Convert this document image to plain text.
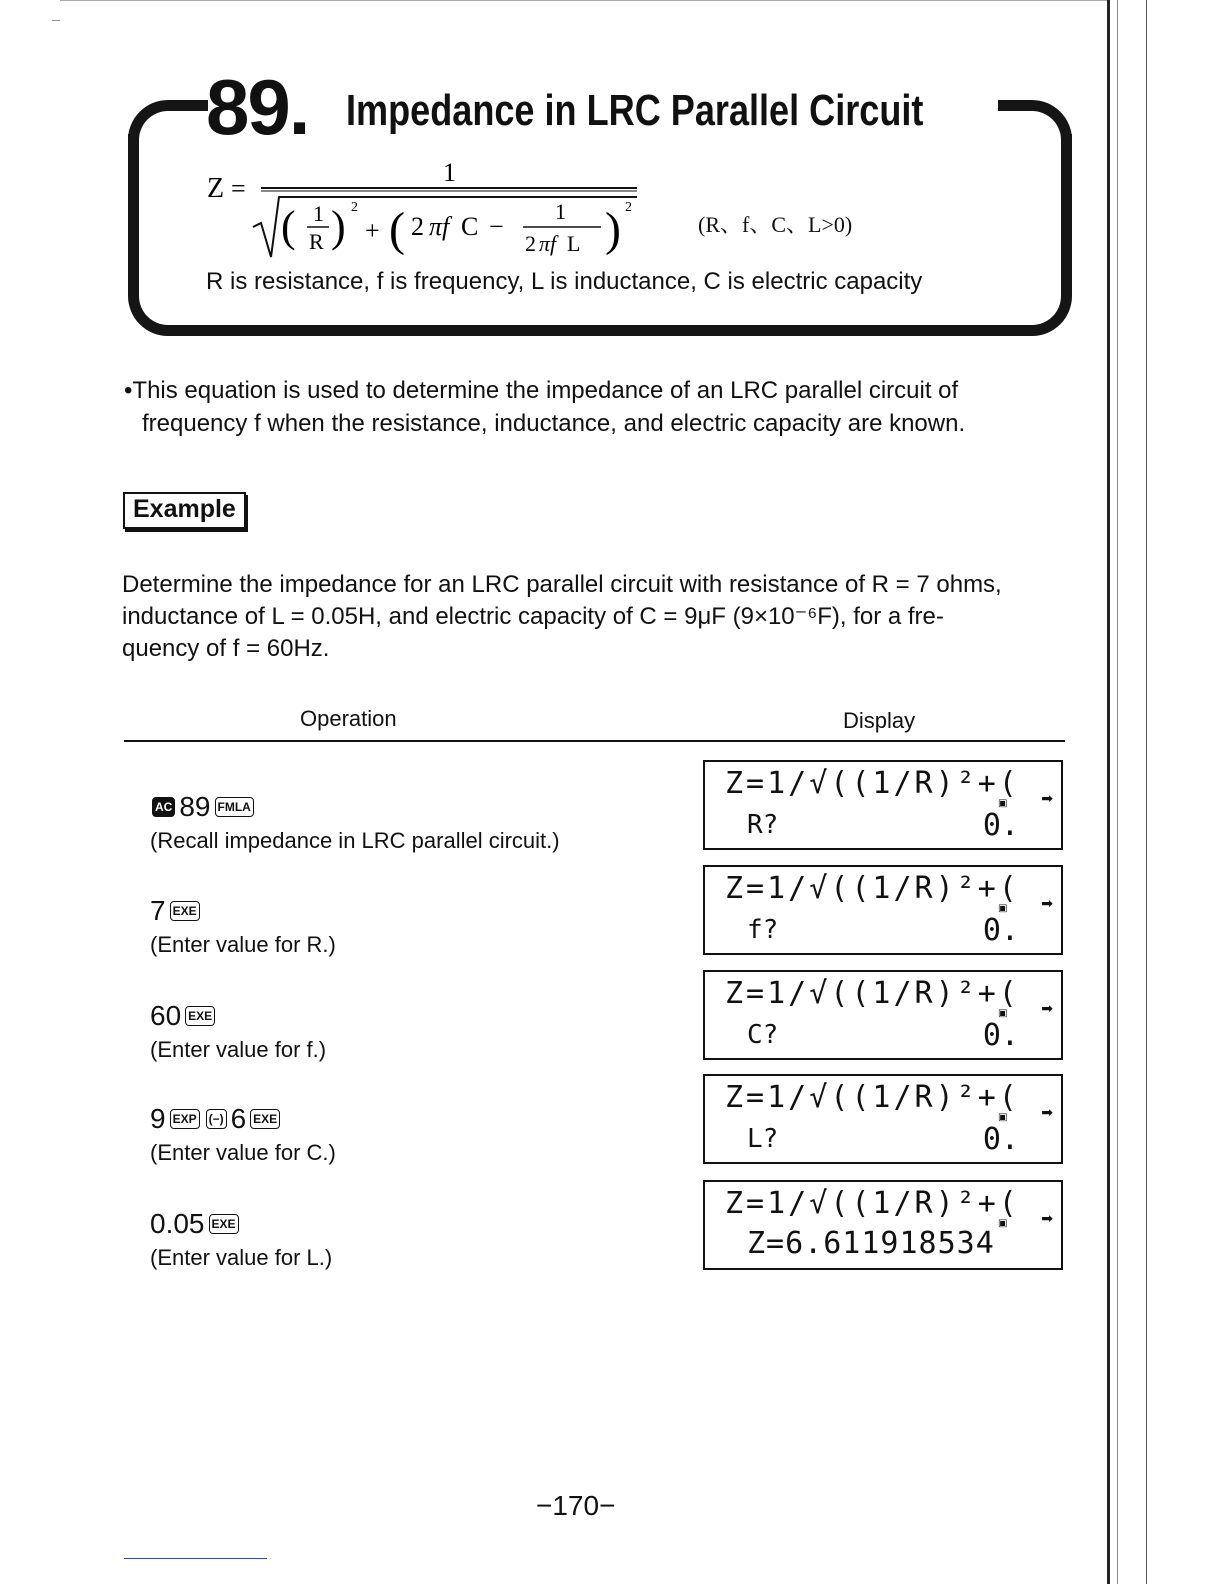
89. Impedance in LRC Parallel Circuit
Z =
1
( 1
R ) 2
+ ( 2 πf C −
1
2 πf L ) 2
(R、f、C、L>0)
R is resistance, f is frequency, L is inductance, C is electric capacity
•This equation is used to determine the impedance of an LRC parallel circuit of
frequency f when the resistance, inductance, and electric capacity are known.
Example
Determine the impedance for an LRC parallel circuit with resistance of R = 7 ohms,
inductance of L = 0.05H, and electric capacity of C = 9μF (9×10⁻⁶F), for a fre-
quency of f = 60Hz.
Operation	Display
AC 89 FMLA
(Recall impedance in LRC parallel circuit.)
Z=1/√((1/R)²+(
▣ ➡
R?	0.
7 EXE
(Enter value for R.)
Z=1/√((1/R)²+(
▣ ➡
f?	0.
60 EXE
(Enter value for f.)
Z=1/√((1/R)²+(
▣ ➡
C?	0.
9 EXP (−) 6 EXE
(Enter value for C.)
Z=1/√((1/R)²+(
▣ ➡
L?	0.
0.05 EXE
(Enter value for L.)
Z=1/√((1/R)²+(
▣ ➡
Z=6.611918534
−170−
